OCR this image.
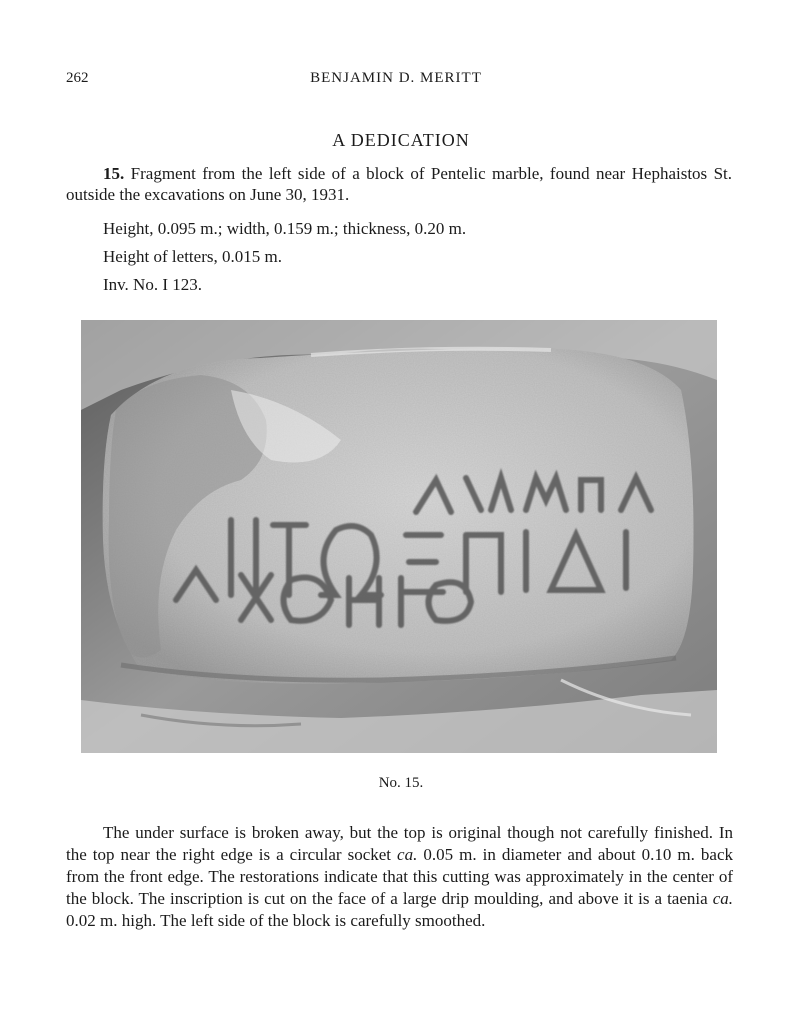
262	BENJAMIN D. MERITT
A DEDICATION
15. Fragment from the left side of a block of Pentelic marble, found near Hephaistos St. outside the excavations on June 30, 1931.
Height, 0.095 m.; width, 0.159 m.; thickness, 0.20 m.
Height of letters, 0.015 m.
Inv. No. I 123.
No. 15.

The under surface is broken away, but the top is original though not carefully finished. In the top near the right edge is a circular socket ca. 0.05 m. in diameter and about 0.10 m. back from the front edge. The restorations indicate that this cutting was approximately in the center of the block. The inscription is cut on the face of a large drip moulding, and above it is a taenia ca. 0.02 m. high. The left side of the block is carefully smoothed.
